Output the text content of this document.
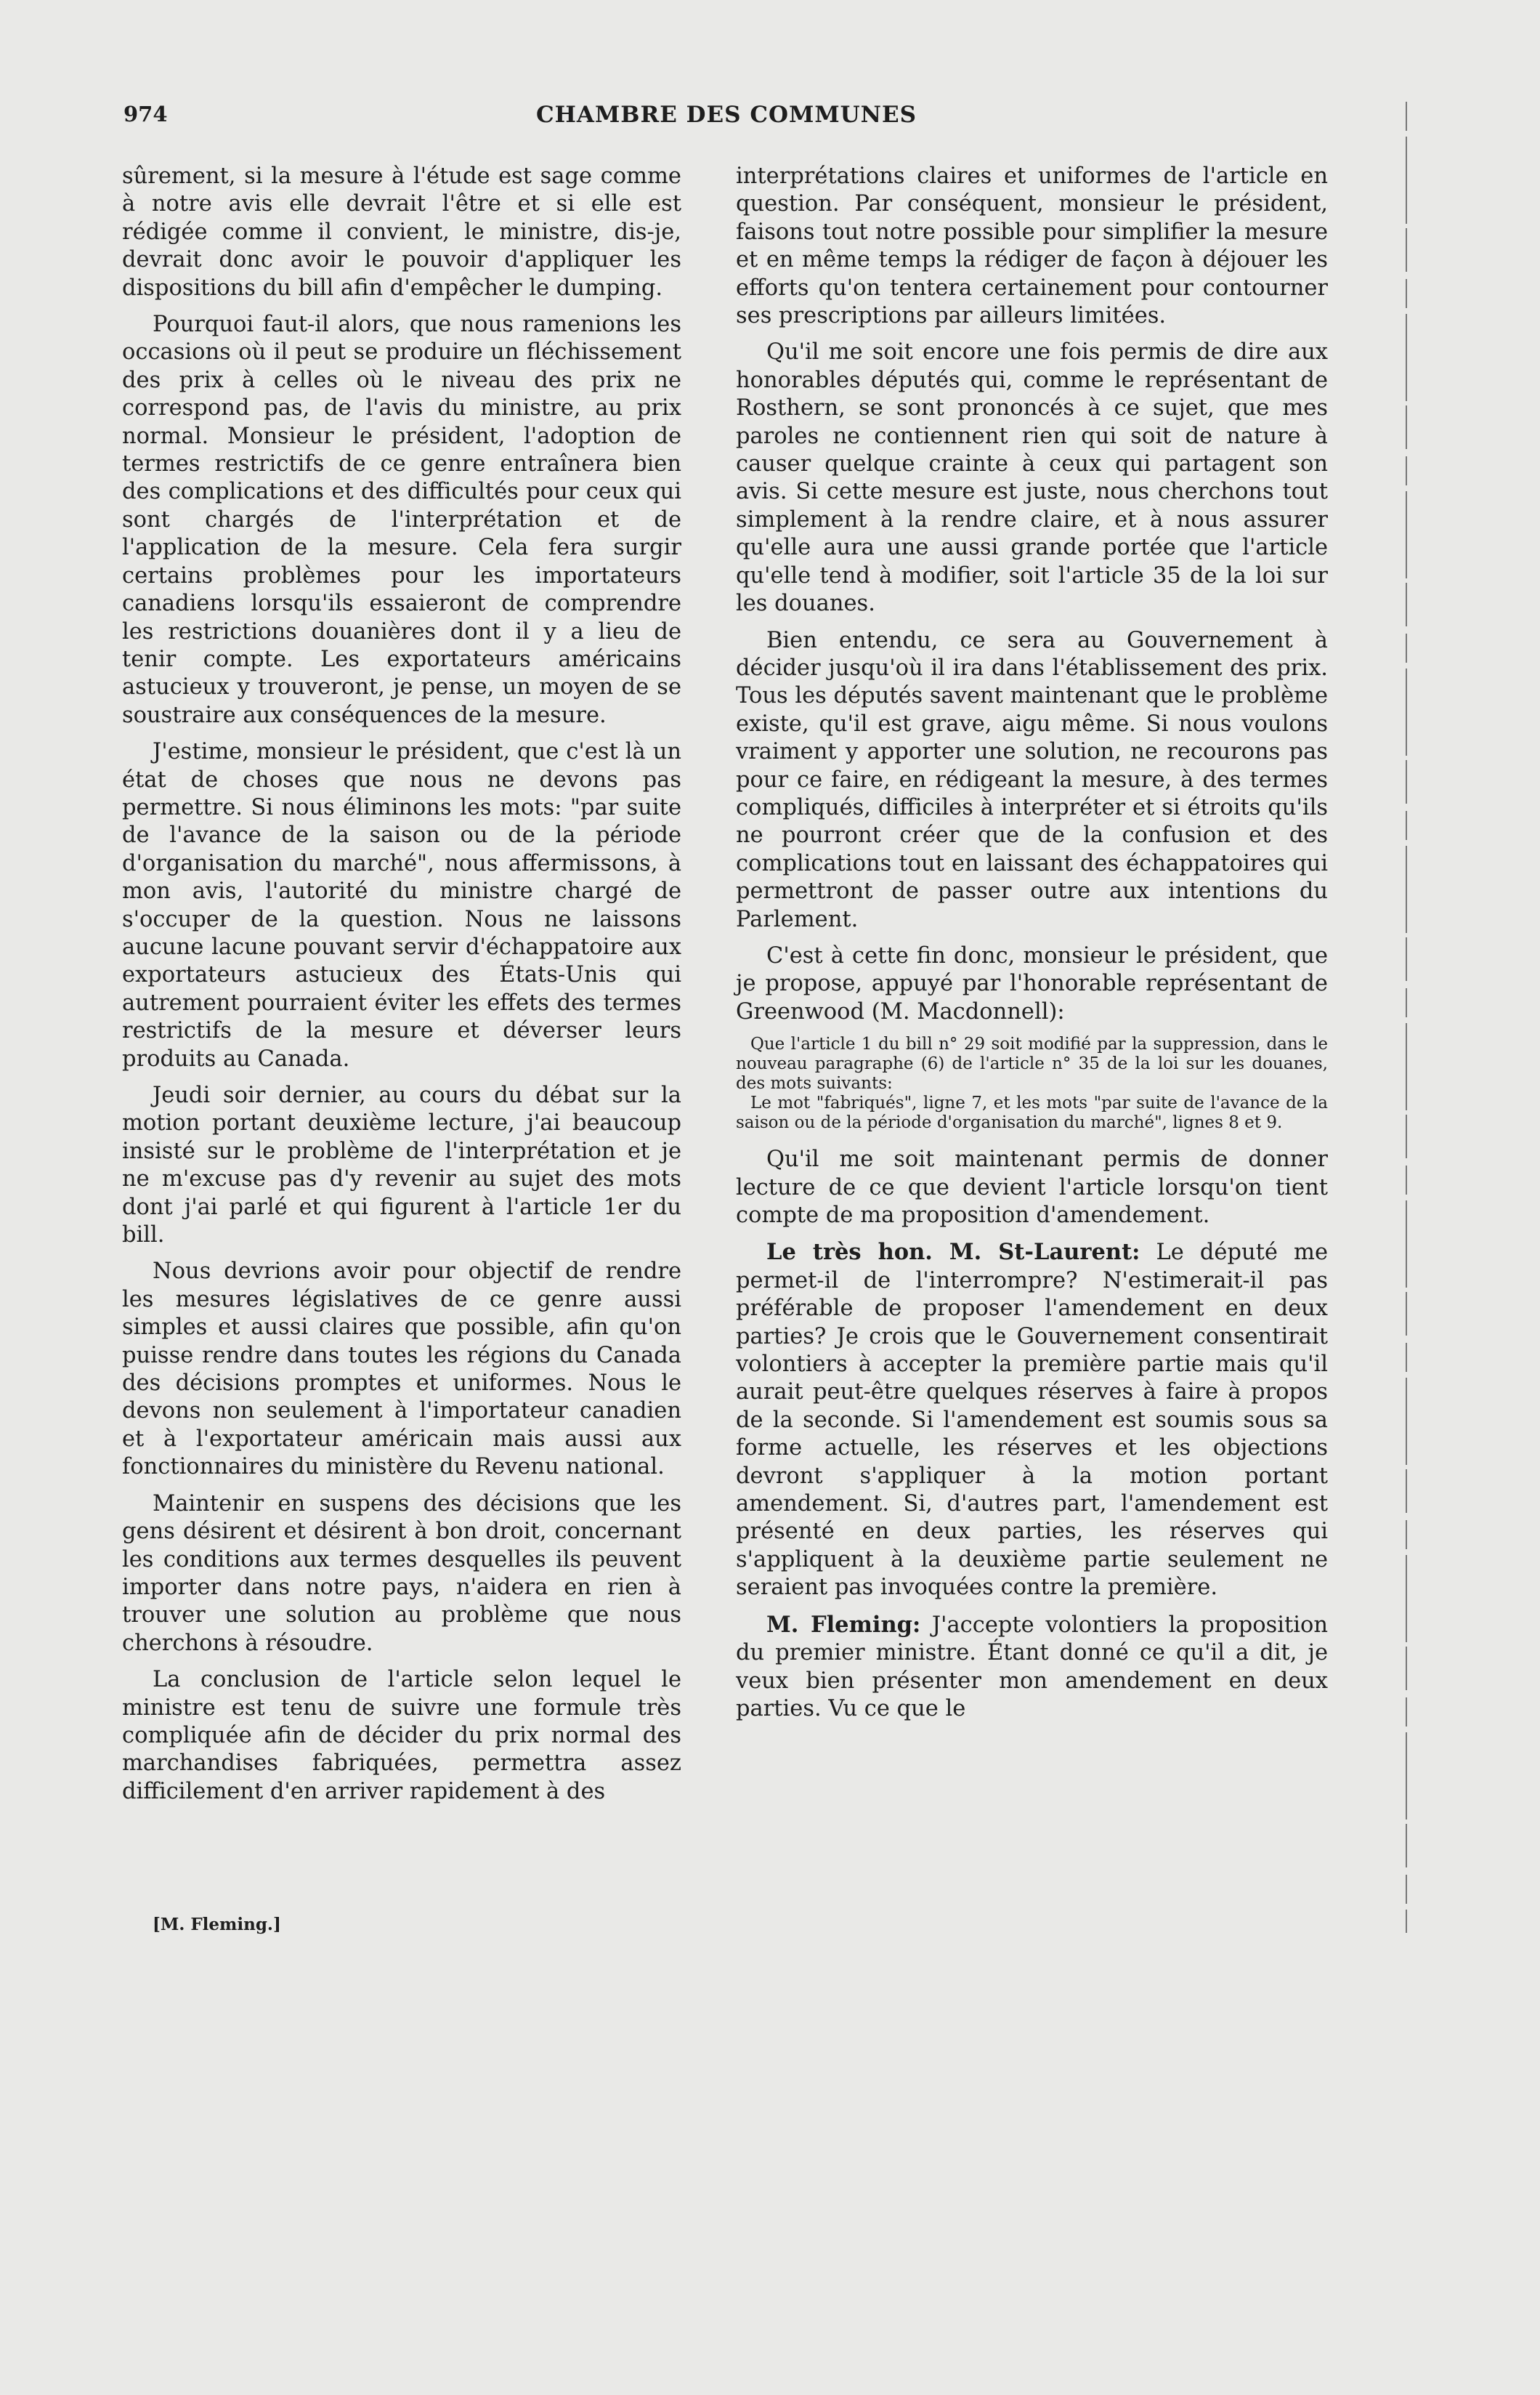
974	CHAMBRE DES COMMUNES

sûrement, si la mesure à l'étude est sage comme à notre avis elle devrait l'être et si elle est rédigée comme il convient, le ministre, dis-je, devrait donc avoir le pouvoir d'appliquer les dispositions du bill afin d'empêcher le dumping.

Pourquoi faut-il alors, que nous ramenions les occasions où il peut se produire un fléchissement des prix à celles où le niveau des prix ne correspond pas, de l'avis du ministre, au prix normal. Monsieur le président, l'adoption de termes restrictifs de ce genre entraînera bien des complications et des difficultés pour ceux qui sont chargés de l'interprétation et de l'application de la mesure. Cela fera surgir certains problèmes pour les importateurs canadiens lorsqu'ils essaieront de comprendre les restrictions douanières dont il y a lieu de tenir compte. Les exportateurs américains astucieux y trouveront, je pense, un moyen de se soustraire aux conséquences de la mesure.

J'estime, monsieur le président, que c'est là un état de choses que nous ne devons pas permettre. Si nous éliminons les mots: "par suite de l'avance de la saison ou de la période d'organisation du marché", nous affermissons, à mon avis, l'autorité du ministre chargé de s'occuper de la question. Nous ne laissons aucune lacune pouvant servir d'échappatoire aux exportateurs astucieux des États-Unis qui autrement pourraient éviter les effets des termes restrictifs de la mesure et déverser leurs produits au Canada.

Jeudi soir dernier, au cours du débat sur la motion portant deuxième lecture, j'ai beaucoup insisté sur le problème de l'interprétation et je ne m'excuse pas d'y revenir au sujet des mots dont j'ai parlé et qui figurent à l'article 1er du bill.

Nous devrions avoir pour objectif de rendre les mesures législatives de ce genre aussi simples et aussi claires que possible, afin qu'on puisse rendre dans toutes les régions du Canada des décisions promptes et uniformes. Nous le devons non seulement à l'importateur canadien et à l'exportateur américain mais aussi aux fonctionnaires du ministère du Revenu national.

Maintenir en suspens des décisions que les gens désirent et désirent à bon droit, concernant les conditions aux termes desquelles ils peuvent importer dans notre pays, n'aidera en rien à trouver une solution au problème que nous cherchons à résoudre.

La conclusion de l'article selon lequel le ministre est tenu de suivre une formule très compliquée afin de décider du prix normal des marchandises fabriquées, permettra assez difficilement d'en arriver rapidement à des

[M. Fleming.]

interprétations claires et uniformes de l'article en question. Par conséquent, monsieur le président, faisons tout notre possible pour simplifier la mesure et en même temps la rédiger de façon à déjouer les efforts qu'on tentera certainement pour contourner ses prescriptions par ailleurs limitées.

Qu'il me soit encore une fois permis de dire aux honorables députés qui, comme le représentant de Rosthern, se sont prononcés à ce sujet, que mes paroles ne contiennent rien qui soit de nature à causer quelque crainte à ceux qui partagent son avis. Si cette mesure est juste, nous cherchons tout simplement à la rendre claire, et à nous assurer qu'elle aura une aussi grande portée que l'article qu'elle tend à modifier, soit l'article 35 de la loi sur les douanes.

Bien entendu, ce sera au Gouvernement à décider jusqu'où il ira dans l'établissement des prix. Tous les députés savent maintenant que le problème existe, qu'il est grave, aigu même. Si nous voulons vraiment y apporter une solution, ne recourons pas pour ce faire, en rédigeant la mesure, à des termes compliqués, difficiles à interpréter et si étroits qu'ils ne pourront créer que de la confusion et des complications tout en laissant des échappatoires qui permettront de passer outre aux intentions du Parlement.

C'est à cette fin donc, monsieur le président, que je propose, appuyé par l'honorable représentant de Greenwood (M. Macdonnell):

Que l'article 1 du bill n° 29 soit modifié par la suppression, dans le nouveau paragraphe (6) de l'article n° 35 de la loi sur les douanes, des mots suivants:

Le mot "fabriqués", ligne 7, et les mots "par suite de l'avance de la saison ou de la période d'organisation du marché", lignes 8 et 9.

Qu'il me soit maintenant permis de donner lecture de ce que devient l'article lorsqu'on tient compte de ma proposition d'amendement.

Le très hon. M. St-Laurent: Le député me permet-il de l'interrompre? N'estimerait-il pas préférable de proposer l'amendement en deux parties? Je crois que le Gouvernement consentirait volontiers à accepter la première partie mais qu'il aurait peut-être quelques réserves à faire à propos de la seconde. Si l'amendement est soumis sous sa forme actuelle, les réserves et les objections devront s'appliquer à la motion portant amendement. Si, d'autres part, l'amendement est présenté en deux parties, les réserves qui s'appliquent à la deuxième partie seulement ne seraient pas invoquées contre la première.

M. Fleming: J'accepte volontiers la proposition du premier ministre. Étant donné ce qu'il a dit, je veux bien présenter mon amendement en deux parties. Vu ce que le
